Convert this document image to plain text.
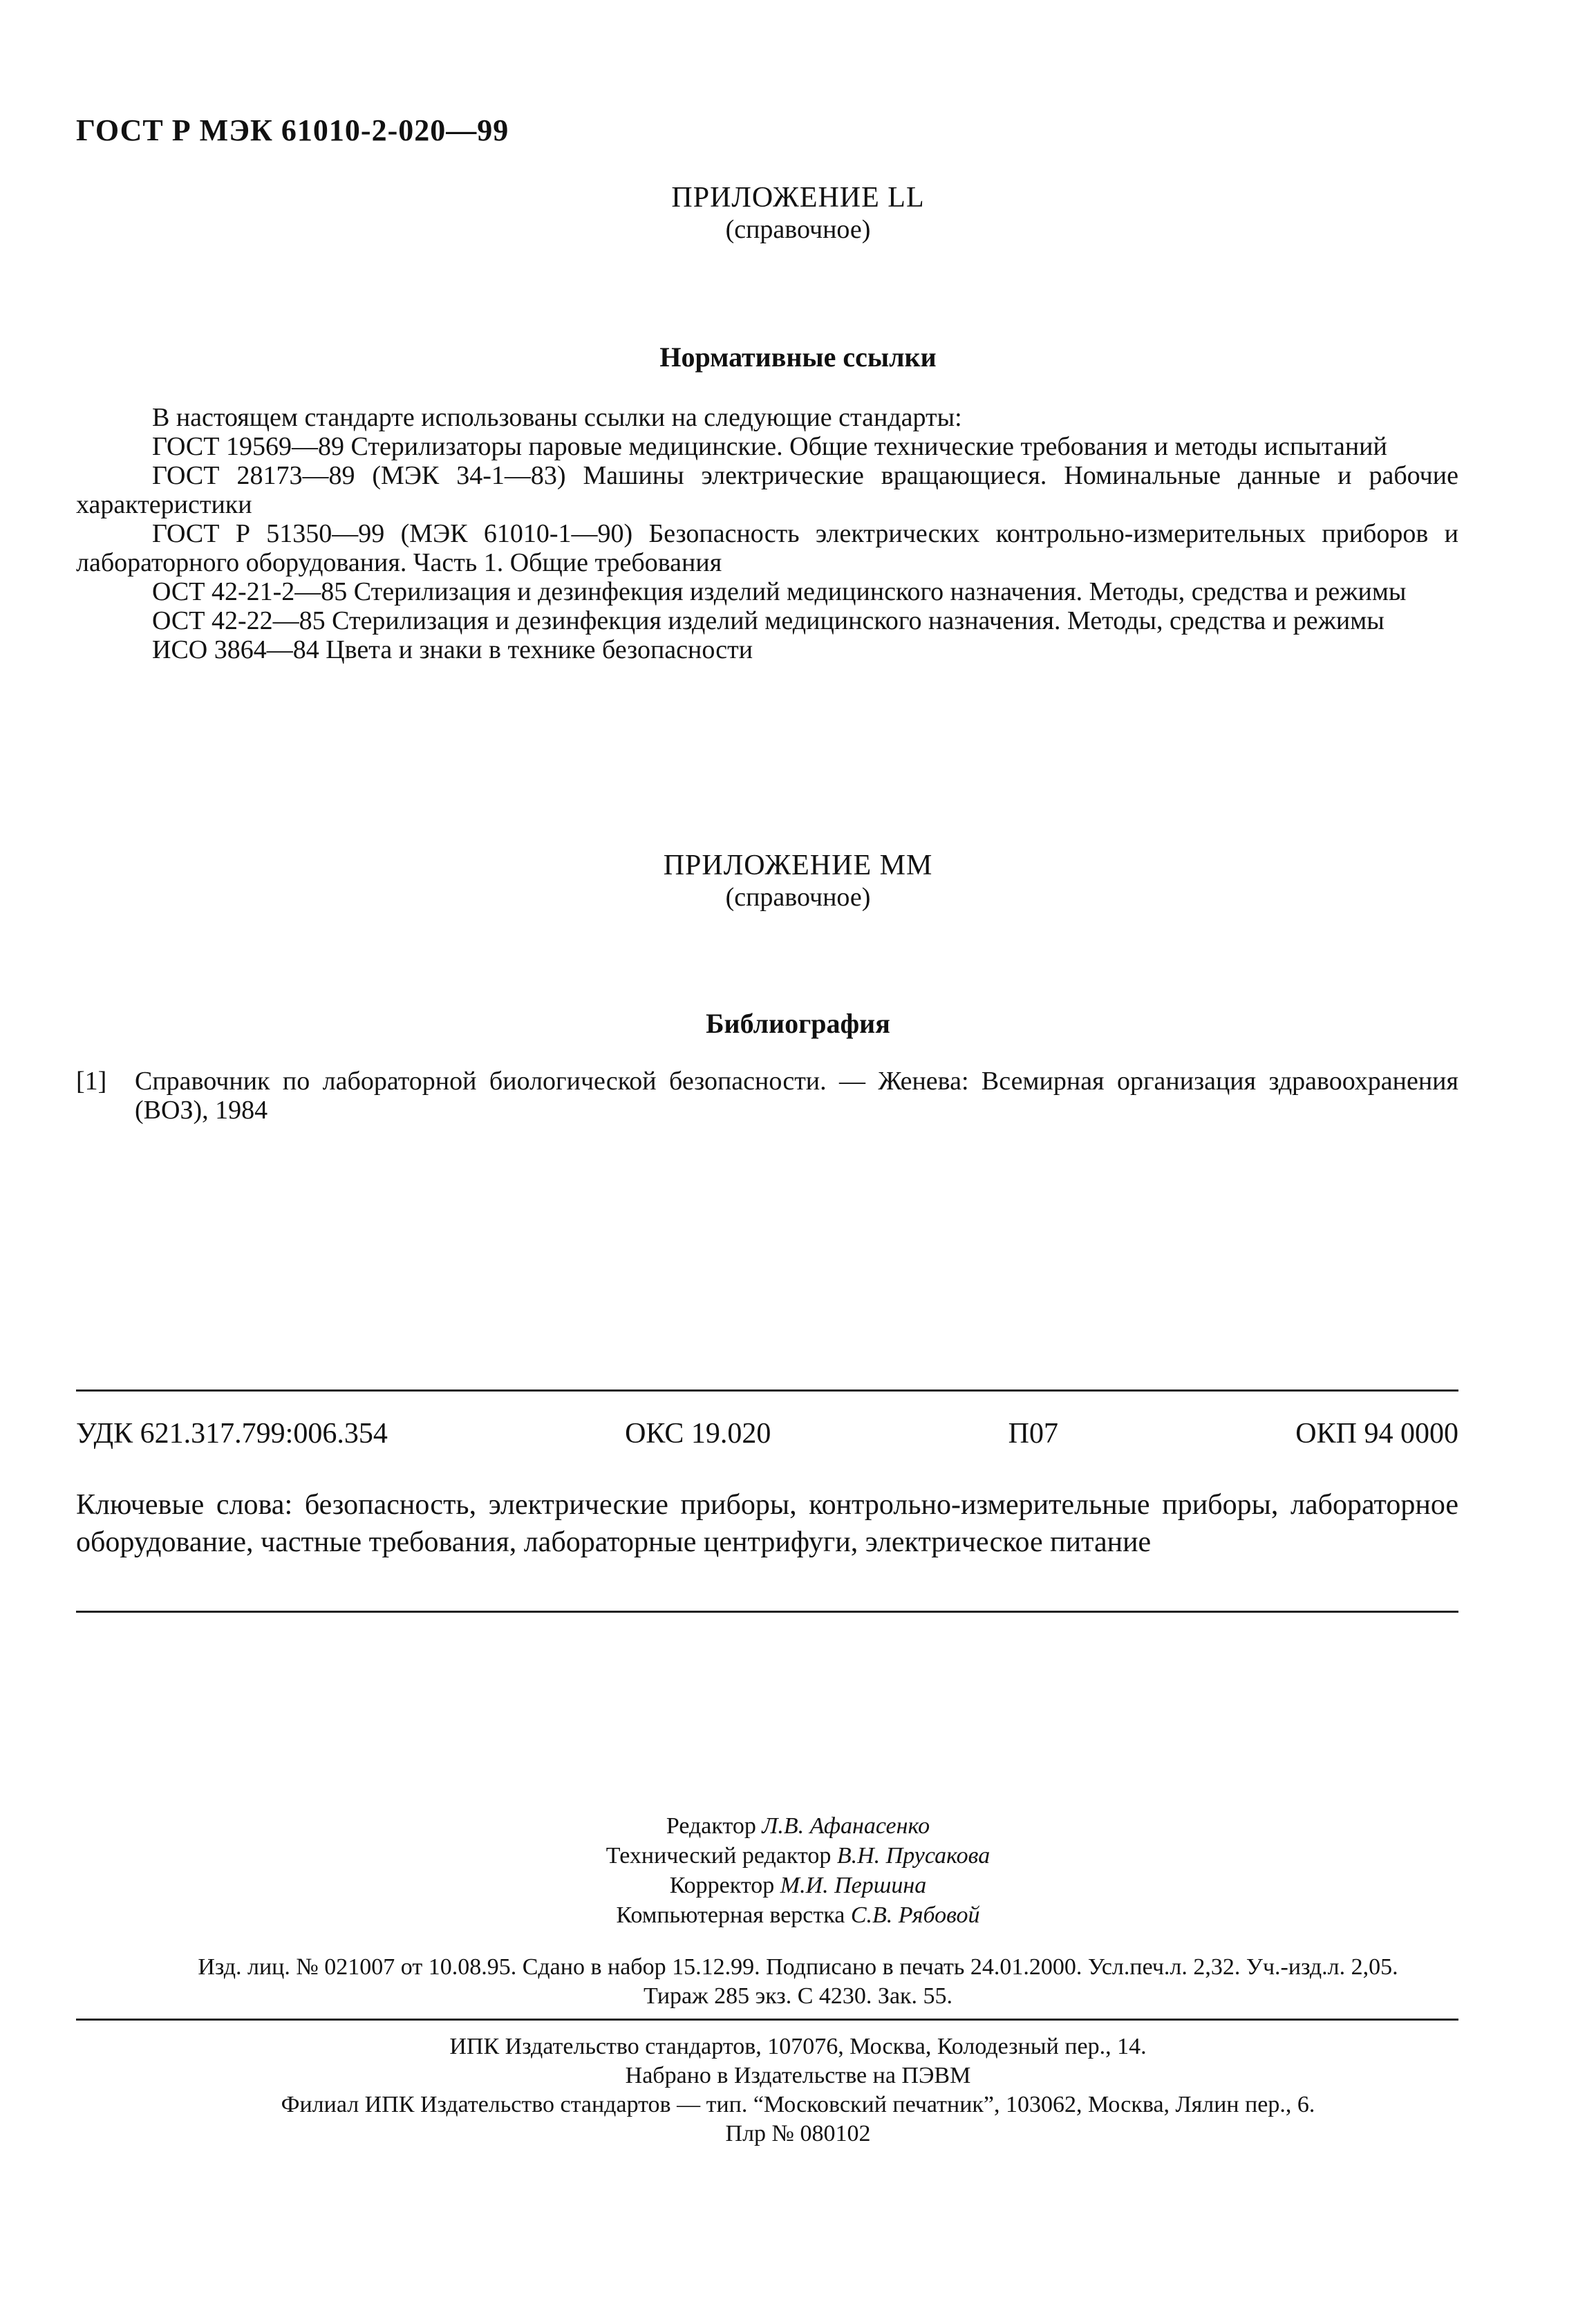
ГОСТ Р МЭК 61010-2-020—99
ПРИЛОЖЕНИЕ LL
(справочное)
Нормативные ссылки

В настоящем стандарте использованы ссылки на следующие стандарты:

ГОСТ 19569—89 Стерилизаторы паровые медицинские. Общие технические требования и методы испытаний

ГОСТ 28173—89 (МЭК 34-1—83) Машины электрические вращающиеся. Номинальные данные и рабочие характеристики

ГОСТ Р 51350—99 (МЭК 61010-1—90) Безопасность электрических контрольно-измерительных приборов и лабораторного оборудования. Часть 1. Общие требования

ОСТ 42-21-2—85 Стерилизация и дезинфекция изделий медицинского назначения. Методы, средства и режимы

ОСТ 42-22—85 Стерилизация и дезинфекция изделий медицинского назначения. Методы, средства и режимы

ИСО 3864—84 Цвета и знаки в технике безопасности

ПРИЛОЖЕНИЕ MM
(справочное)
Библиография
[1]	Справочник по лабораторной биологической безопасности. — Женева: Всемирная организация здравоохранения (ВОЗ), 1984
УДК 621.317.799:006.354	ОКС 19.020	П07	ОКП 94 0000
Ключевые слова: безопасность, электрические приборы, контрольно-измерительные приборы, лабораторное оборудование, частные требования, лабораторные центрифуги, электрическое питание
Редактор Л.В. Афанасенко
Технический редактор В.Н. Прусакова
Корректор М.И. Першина
Компьютерная верстка С.В. Рябовой
Изд. лиц. № 021007 от 10.08.95. Сдано в набор 15.12.99. Подписано в печать 24.01.2000. Усл.печ.л. 2,32. Уч.-изд.л. 2,05.
Тираж 285 экз. С 4230. Зак. 55.
ИПК Издательство стандартов, 107076, Москва, Колодезный пер., 14.
Набрано в Издательстве на ПЭВМ
Филиал ИПК Издательство стандартов — тип. “Московский печатник”, 103062, Москва, Лялин пер., 6.
Плр № 080102
